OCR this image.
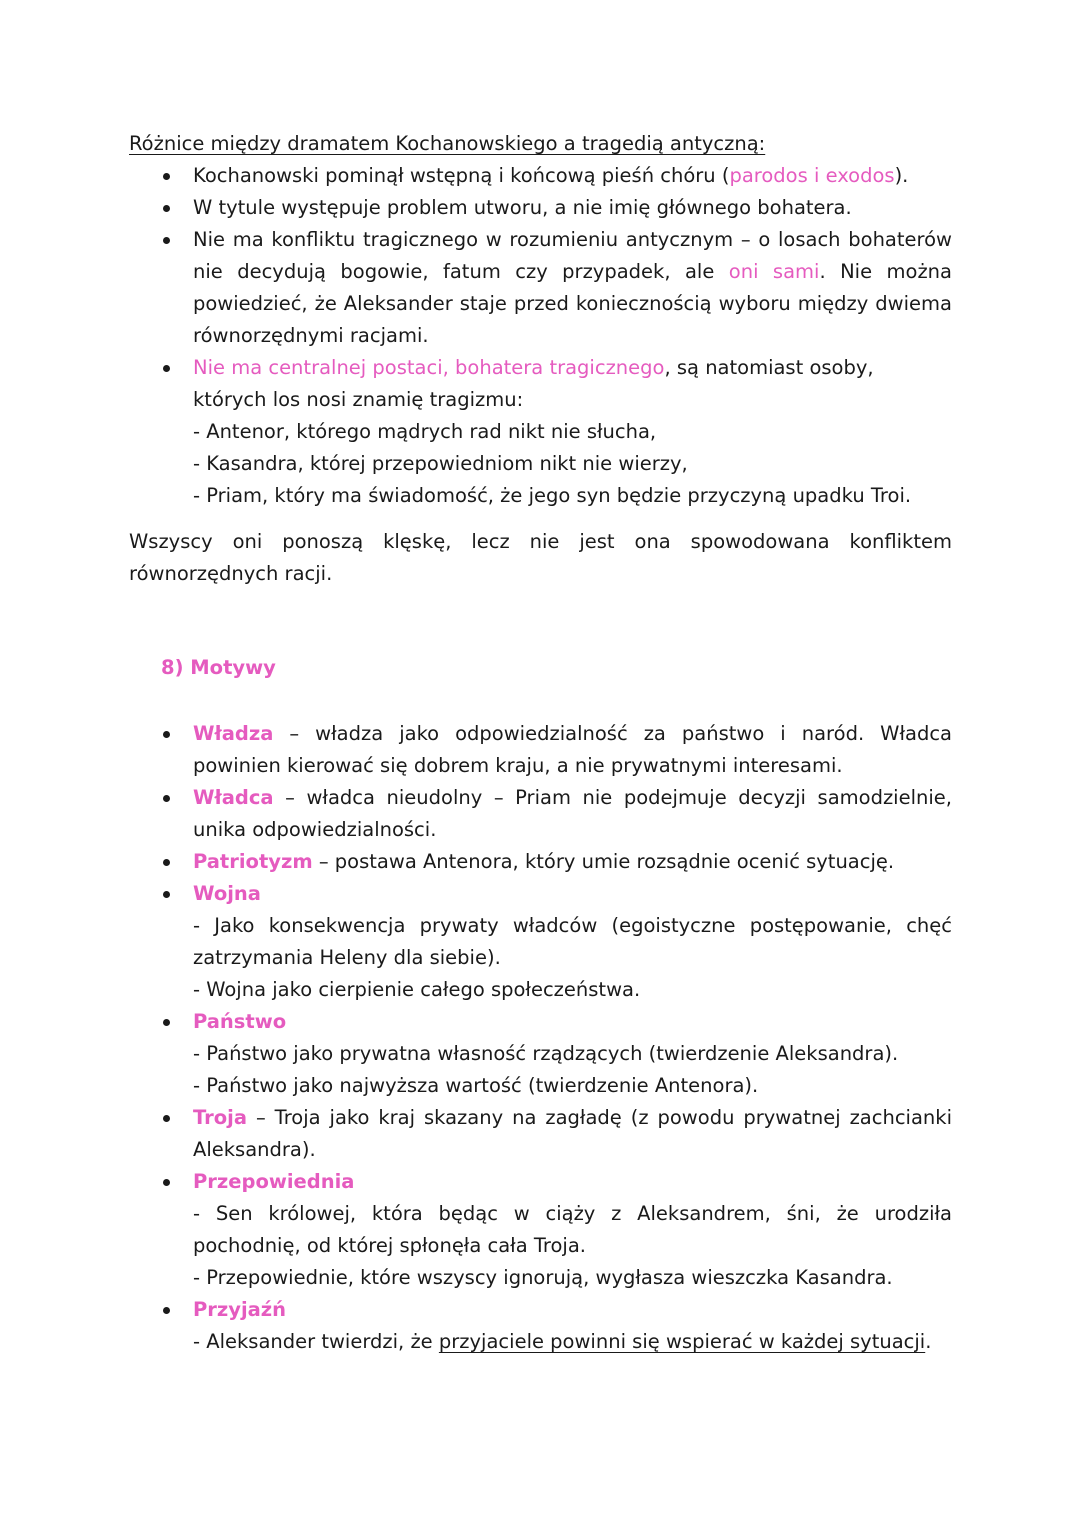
Różnice między dramatem Kochanowskiego a tragedią antyczną:

Kochanowski pominął wstępną i końcową pieśń chóru (parodos i exodos).
W tytule występuje problem utworu, a nie imię głównego bohatera.
Nie ma konfliktu tragicznego w rozumieniu antycznym – o losach bohaterów nie decydują bogowie, fatum czy przypadek, ale oni sami. Nie można powiedzieć, że Aleksander staje przed koniecznością wyboru między dwiema równorzędnymi racjami.
Nie ma centralnej postaci, bohatera tragicznego, są natomiast osoby, których los nosi znamię tragizmu:
- Antenor, którego mądrych rad nikt nie słucha,
- Kasandra, której przepowiedniom nikt nie wierzy,
- Priam, który ma świadomość, że jego syn będzie przyczyną upadku Troi.

Wszyscy oni ponoszą klęskę, lecz nie jest ona spowodowana konfliktem równorzędnych racji.

8) Motywy

Władza – władza jako odpowiedzialność za państwo i naród. Władca powinien kierować się dobrem kraju, a nie prywatnymi interesami.
Władca – władca nieudolny – Priam nie podejmuje decyzji samodzielnie, unika odpowiedzialności.
Patriotyzm – postawa Antenora, który umie rozsądnie ocenić sytuację.
Wojna
- Jako konsekwencja prywaty władców (egoistyczne postępowanie, chęć zatrzymania Heleny dla siebie).
- Wojna jako cierpienie całego społeczeństwa.
Państwo
- Państwo jako prywatna własność rządzących (twierdzenie Aleksandra).
- Państwo jako najwyższa wartość (twierdzenie Antenora).
Troja – Troja jako kraj skazany na zagładę (z powodu prywatnej zachcianki Aleksandra).
Przepowiednia
- Sen królowej, która będąc w ciąży z Aleksandrem, śni, że urodziła pochodnię, od której spłonęła cała Troja.
- Przepowiednie, które wszyscy ignorują, wygłasza wieszczka Kasandra.
Przyjaźń
- Aleksander twierdzi, że przyjaciele powinni się wspierać w każdej sytuacji.
